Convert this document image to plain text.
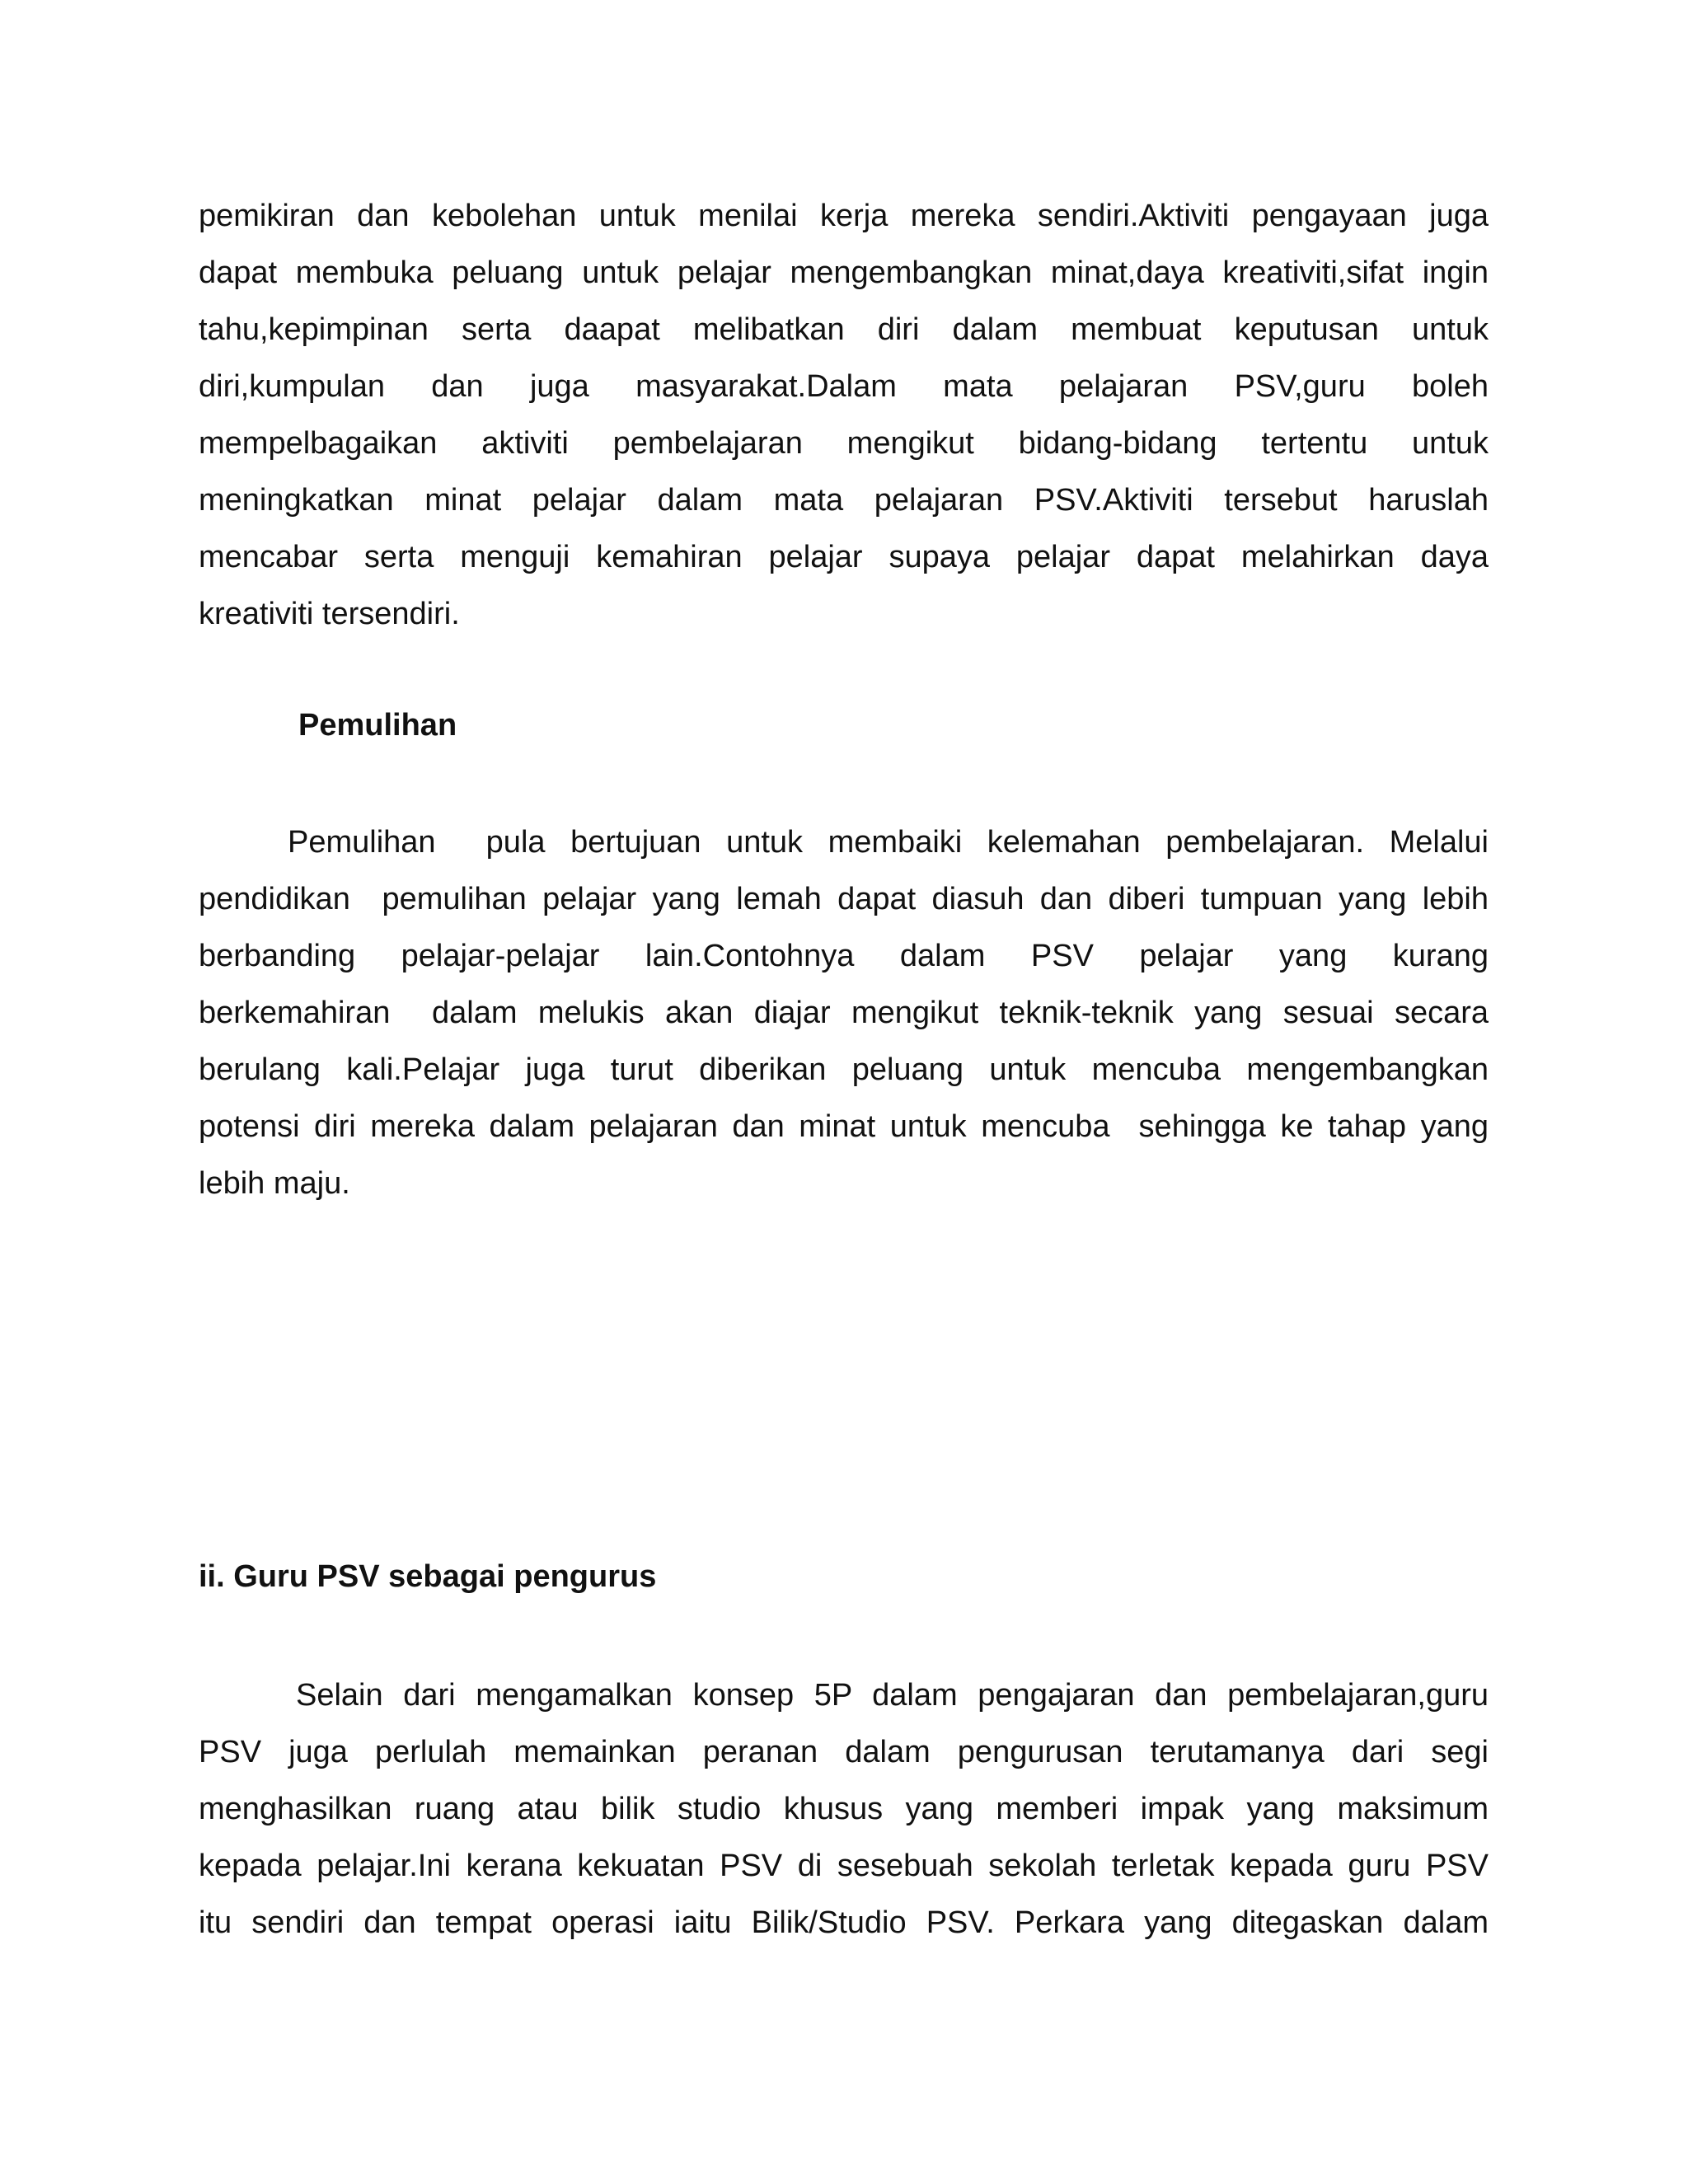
pemikiran dan kebolehan untuk menilai kerja mereka sendiri.Aktiviti pengayaan juga
dapat membuka peluang untuk pelajar mengembangkan minat,daya kreativiti,sifat ingin
tahu,kepimpinan serta daapat melibatkan diri dalam membuat keputusan untuk
diri,kumpulan dan juga masyarakat.Dalam mata pelajaran PSV,guru boleh
mempelbagaikan aktiviti pembelajaran mengikut bidang-bidang tertentu untuk
meningkatkan minat pelajar dalam mata pelajaran PSV.Aktiviti tersebut haruslah
mencabar serta menguji kemahiran pelajar supaya pelajar dapat melahirkan daya
kreativiti tersendiri.
Pemulihan
Pemulihan  pula bertujuan untuk membaiki kelemahan pembelajaran. Melalui
pendidikan  pemulihan pelajar yang lemah dapat diasuh dan diberi tumpuan yang lebih
berbanding pelajar-pelajar lain.Contohnya dalam PSV pelajar yang kurang
berkemahiran  dalam melukis akan diajar mengikut teknik-teknik yang sesuai secara
berulang kali.Pelajar juga turut diberikan peluang untuk mencuba mengembangkan
potensi diri mereka dalam pelajaran dan minat untuk mencuba  sehingga ke tahap yang
lebih maju.
ii. Guru PSV sebagai pengurus
Selain dari mengamalkan konsep 5P dalam pengajaran dan pembelajaran,guru
PSV juga perlulah memainkan peranan dalam pengurusan terutamanya dari segi
menghasilkan ruang atau bilik studio khusus yang memberi impak yang maksimum
kepada pelajar.Ini kerana kekuatan PSV di sesebuah sekolah terletak kepada guru PSV
itu sendiri dan tempat operasi iaitu Bilik/Studio PSV. Perkara yang ditegaskan dalam
